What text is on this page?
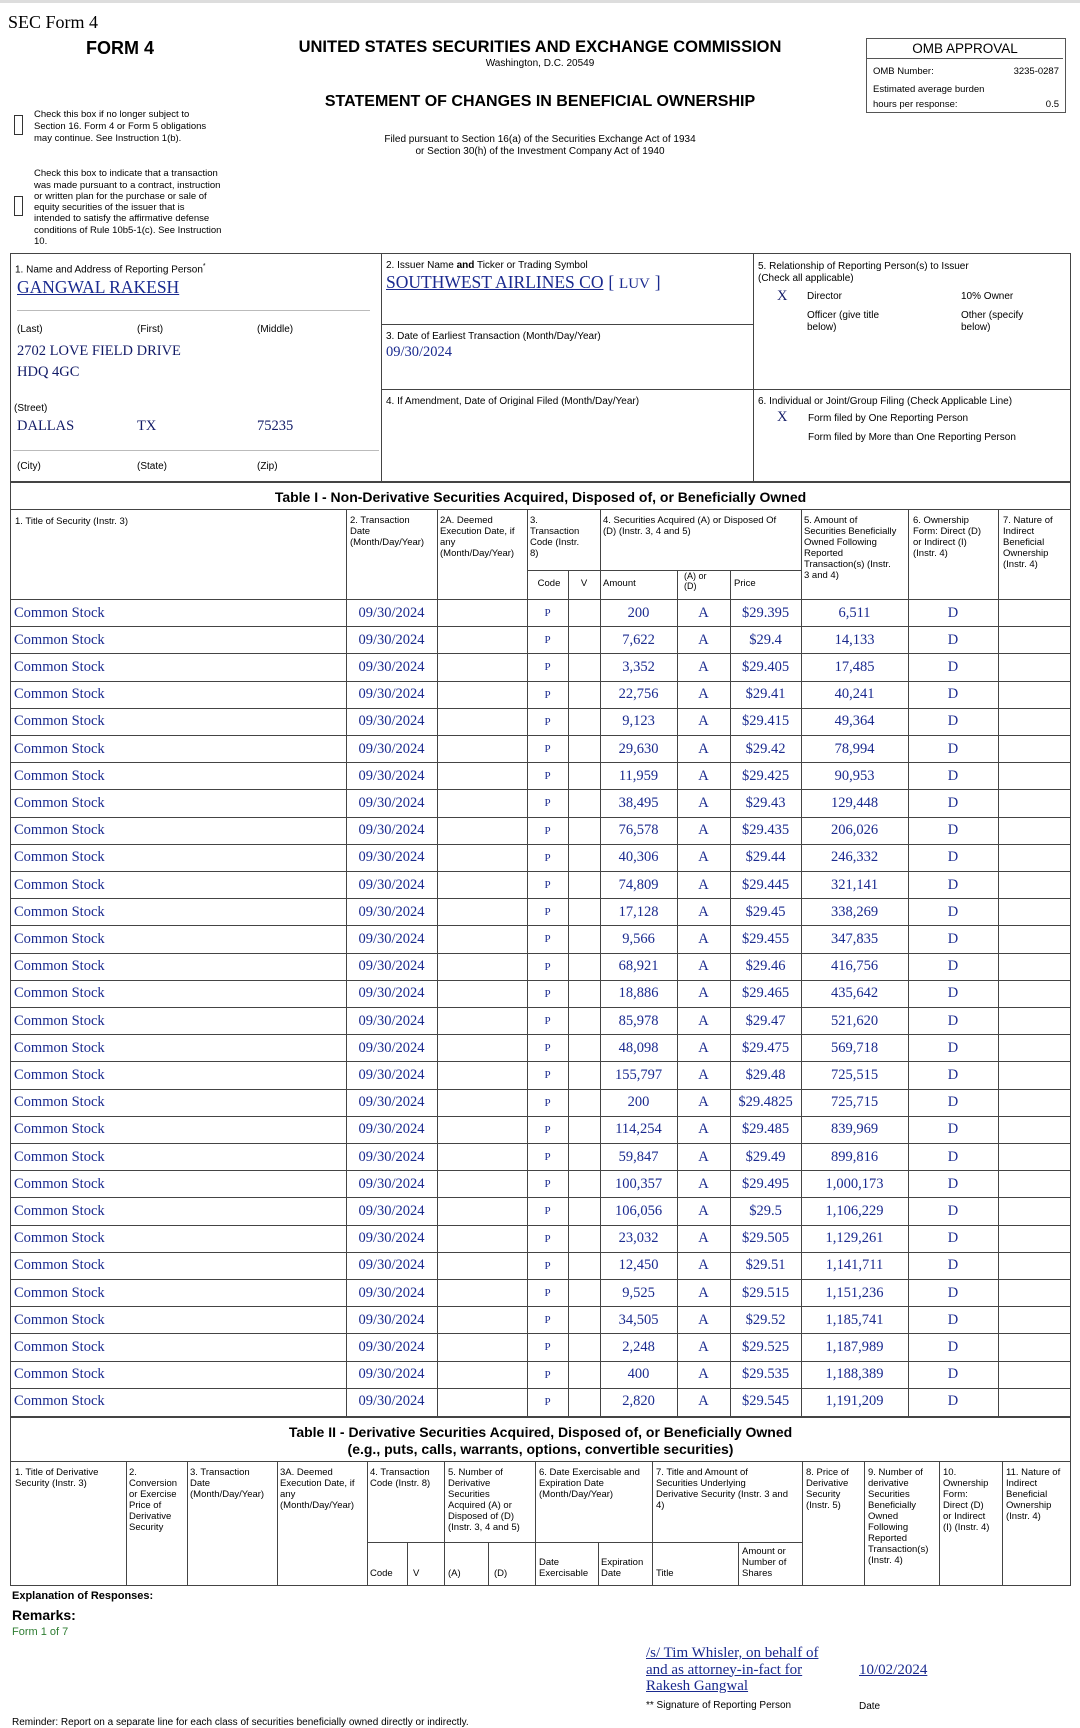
SEC Form 4
FORM 4	UNITED STATES SECURITIES AND EXCHANGE COMMISSION
Washington, D.C. 20549
STATEMENT OF CHANGES IN BENEFICIAL OWNERSHIP
Filed pursuant to Section 16(a) of the Securities Exchange Act of 1934
or Section 30(h) of the Investment Company Act of 1940
OMB APPROVAL
OMB Number:	3235-0287
Estimated average burden
hours per response:	0.5
Check this box if no longer subject to
Section 16. Form 4 or Form 5 obligations
may continue. See Instruction 1(b).
Check this box to indicate that a transaction
was made pursuant to a contract, instruction
or written plan for the purchase or sale of
equity securities of the issuer that is
intended to satisfy the affirmative defense
conditions of Rule 10b5-1(c). See Instruction
10.
1. Name and Address of Reporting Person*
GANGWAL RAKESH
(Last)	(First)	(Middle)
2702 LOVE FIELD DRIVE
HDQ 4GC
(Street)
DALLAS	TX	75235
(City)	(State)	(Zip)
2. Issuer Name and Ticker or Trading Symbol
SOUTHWEST AIRLINES CO [ LUV ]
3. Date of Earliest Transaction (Month/Day/Year)
09/30/2024
4. If Amendment, Date of Original Filed (Month/Day/Year)
5. Relationship of Reporting Person(s) to Issuer
(Check all applicable)
X Director	10% Owner
Officer (give title
below)
Other (specify
below)
6. Individual or Joint/Group Filing (Check Applicable Line)
X Form filed by One Reporting Person
Form filed by More than One Reporting Person
Table I - Non-Derivative Securities Acquired, Disposed of, or Beneficially Owned
1. Title of Security (Instr. 3)	2. Transaction
Date
(Month/Day/Year)
2A. Deemed
Execution Date, if
any
(Month/Day/Year)
3.
Transaction
Code (Instr.
8)
4. Securities Acquired (A) or Disposed Of
(D) (Instr. 3, 4 and 5)
5. Amount of
Securities Beneficially
Owned Following
Reported
Transaction(s) (Instr.
3 and 4)
6. Ownership
Form: Direct (D)
or Indirect (I)
(Instr. 4)
7. Nature of
Indirect
Beneficial
Ownership
(Instr. 4)
Code	V	Amount
(A) or
(D)	Price
Common Stock	09/30/2024	P	200	A	$29.395	6,511	D
Common Stock	09/30/2024	P	7,622	A	$29.4	14,133	D
Common Stock	09/30/2024	P	3,352	A	$29.405	17,485	D
Common Stock	09/30/2024	P	22,756	A	$29.41	40,241	D
Common Stock	09/30/2024	P	9,123	A	$29.415	49,364	D
Common Stock	09/30/2024	P	29,630	A	$29.42	78,994	D
Common Stock	09/30/2024	P	11,959	A	$29.425	90,953	D
Common Stock	09/30/2024	P	38,495	A	$29.43	129,448	D
Common Stock	09/30/2024	P	76,578	A	$29.435	206,026	D
Common Stock	09/30/2024	P	40,306	A	$29.44	246,332	D
Common Stock	09/30/2024	P	74,809	A	$29.445	321,141	D
Common Stock	09/30/2024	P	17,128	A	$29.45	338,269	D
Common Stock	09/30/2024	P	9,566	A	$29.455	347,835	D
Common Stock	09/30/2024	P	68,921	A	$29.46	416,756	D
Common Stock	09/30/2024	P	18,886	A	$29.465	435,642	D
Common Stock	09/30/2024	P	85,978	A	$29.47	521,620	D
Common Stock	09/30/2024	P	48,098	A	$29.475	569,718	D
Common Stock	09/30/2024	P	155,797	A	$29.48	725,515	D
Common Stock	09/30/2024	P	200	A	$29.4825	725,715	D
Common Stock	09/30/2024	P	114,254	A	$29.485	839,969	D
Common Stock	09/30/2024	P	59,847	A	$29.49	899,816	D
Common Stock	09/30/2024	P	100,357	A	$29.495	1,000,173	D
Common Stock	09/30/2024	P	106,056	A	$29.5	1,106,229	D
Common Stock	09/30/2024	P	23,032	A	$29.505	1,129,261	D
Common Stock	09/30/2024	P	12,450	A	$29.51	1,141,711	D
Common Stock	09/30/2024	P	9,525	A	$29.515	1,151,236	D
Common Stock	09/30/2024	P	34,505	A	$29.52	1,185,741	D
Common Stock	09/30/2024	P	2,248	A	$29.525	1,187,989	D
Common Stock	09/30/2024	P	400	A	$29.535	1,188,389	D
Common Stock	09/30/2024	P	2,820	A	$29.545	1,191,209	D
Table II - Derivative Securities Acquired, Disposed of, or Beneficially Owned
(e.g., puts, calls, warrants, options, convertible securities)
1. Title of Derivative
Security (Instr. 3)
2.
Conversion
or Exercise
Price of
Derivative
Security
3. Transaction
Date
(Month/Day/Year)
3A. Deemed
Execution Date, if
any
(Month/Day/Year)
4. Transaction
Code (Instr. 8)
5. Number of
Derivative
Securities
Acquired (A) or
Disposed of (D)
(Instr. 3, 4 and 5)
6. Date Exercisable and
Expiration Date
(Month/Day/Year)
7. Title and Amount of
Securities Underlying
Derivative Security (Instr. 3 and
4)
8. Price of
Derivative
Security
(Instr. 5)
9. Number of
derivative
Securities
Beneficially
Owned
Following
Reported
Transaction(s)
(Instr. 4)
10.
Ownership
Form:
Direct (D)
or Indirect
(I) (Instr. 4)
11. Nature of
Indirect
Beneficial
Ownership
(Instr. 4)
Code V	(A)	(D)
Date
Exercisable
Expiration
Date	Title
Amount or
Number of
Shares
Explanation of Responses:
Remarks:
Form 1 of 7
/s/ Tim Whisler, on behalf of
and as attorney-in-fact for
Rakesh Gangwal
10/02/2024
** Signature of Reporting Person	Date
Reminder: Report on a separate line for each class of securities beneficially owned directly or indirectly.
